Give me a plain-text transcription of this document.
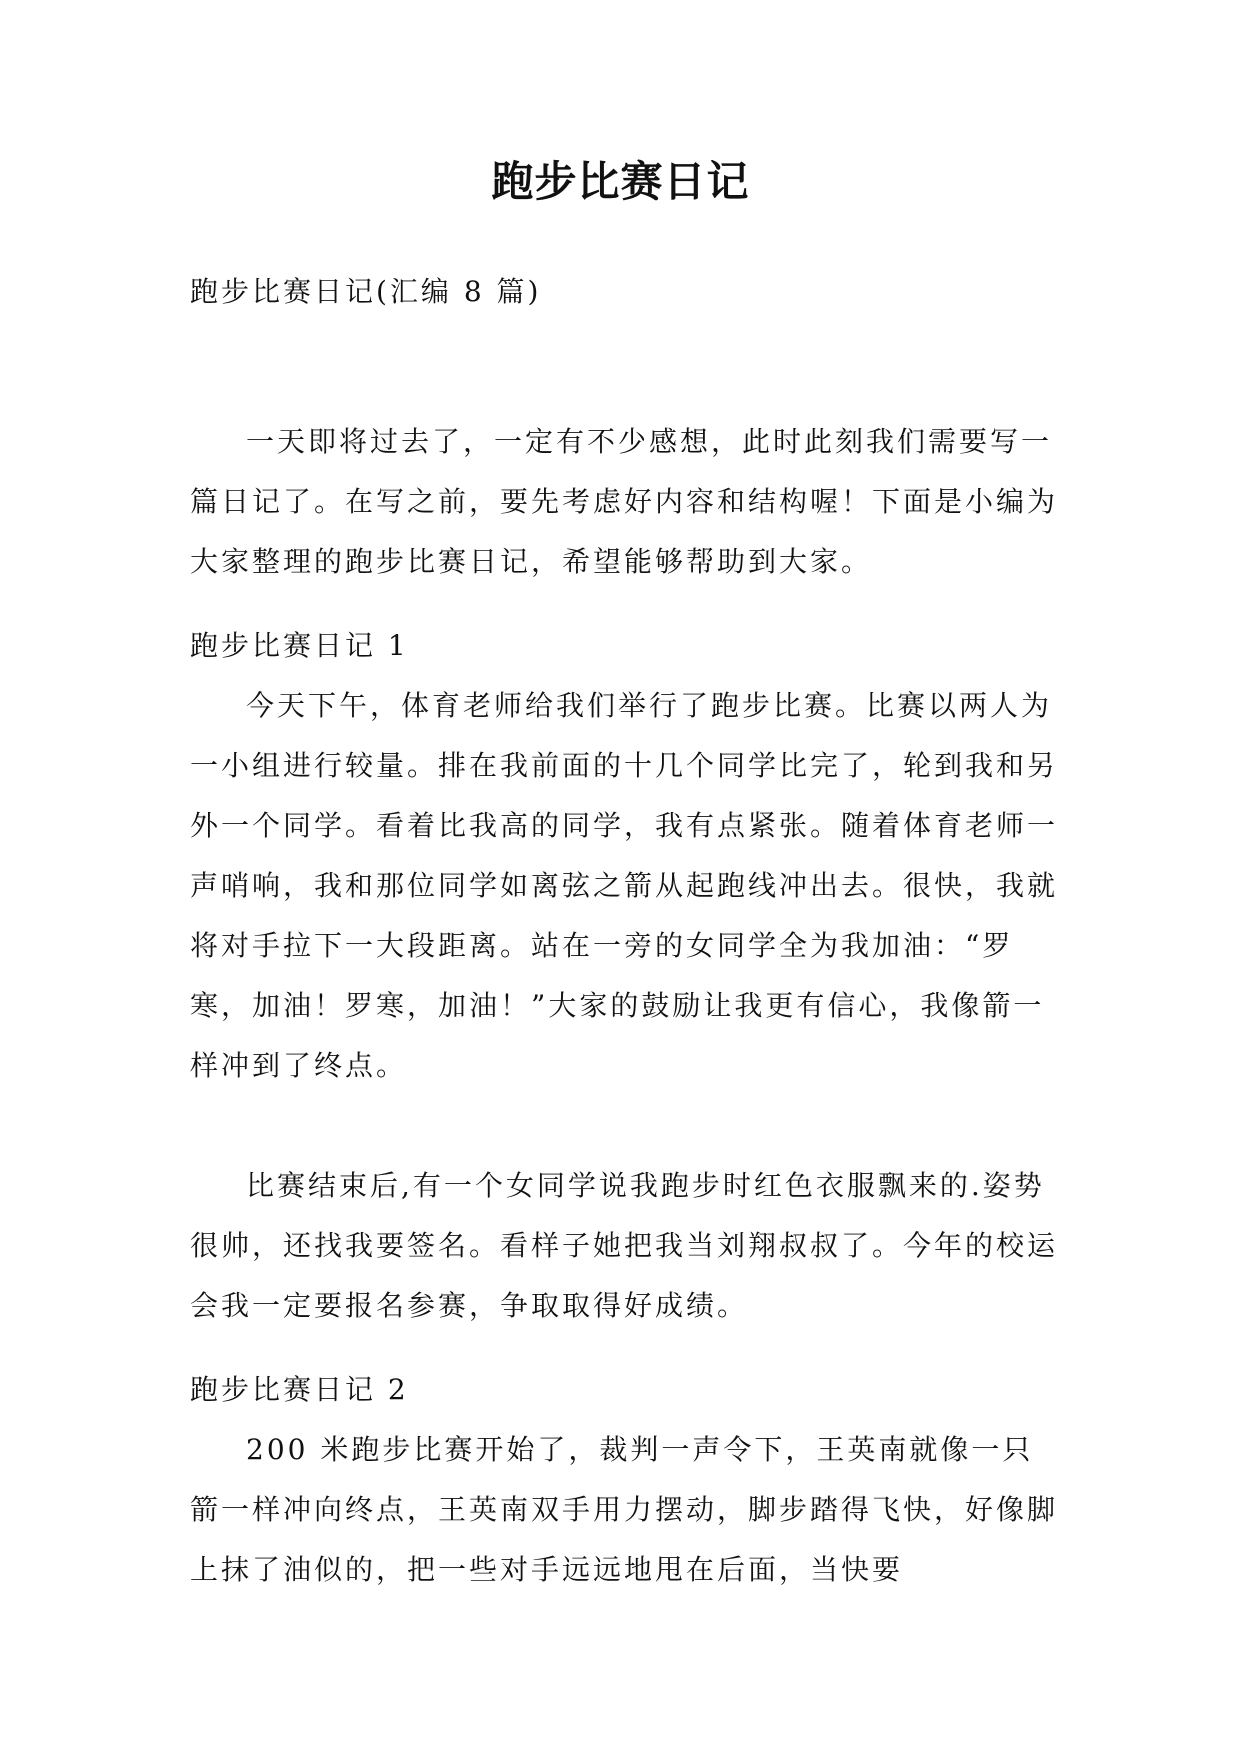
跑步比赛日记

跑步比赛日记(汇编 8 篇)

一天即将过去了，一定有不少感想，此时此刻我们需要写一篇日记了。在写之前，要先考虑好内容和结构喔！下面是小编为大家整理的跑步比赛日记，希望能够帮助到大家。

跑步比赛日记 1

今天下午，体育老师给我们举行了跑步比赛。比赛以两人为一小组进行较量。排在我前面的十几个同学比完了，轮到我和另外一个同学。看着比我高的同学，我有点紧张。随着体育老师一声哨响，我和那位同学如离弦之箭从起跑线冲出去。很快，我就将对手拉下一大段距离。站在一旁的女同学全为我加油：“罗寒，加油！罗寒，加油！”大家的鼓励让我更有信心，我像箭一样冲到了终点。

比赛结束后,有一个女同学说我跑步时红色衣服飘来的.姿势很帅，还找我要签名。看样子她把我当刘翔叔叔了。今年的校运会我一定要报名参赛，争取取得好成绩。

跑步比赛日记 2

200 米跑步比赛开始了，裁判一声令下，王英南就像一只箭一样冲向终点，王英南双手用力摆动，脚步踏得飞快，好像脚上抹了油似的，把一些对手远远地甩在后面，当快要
